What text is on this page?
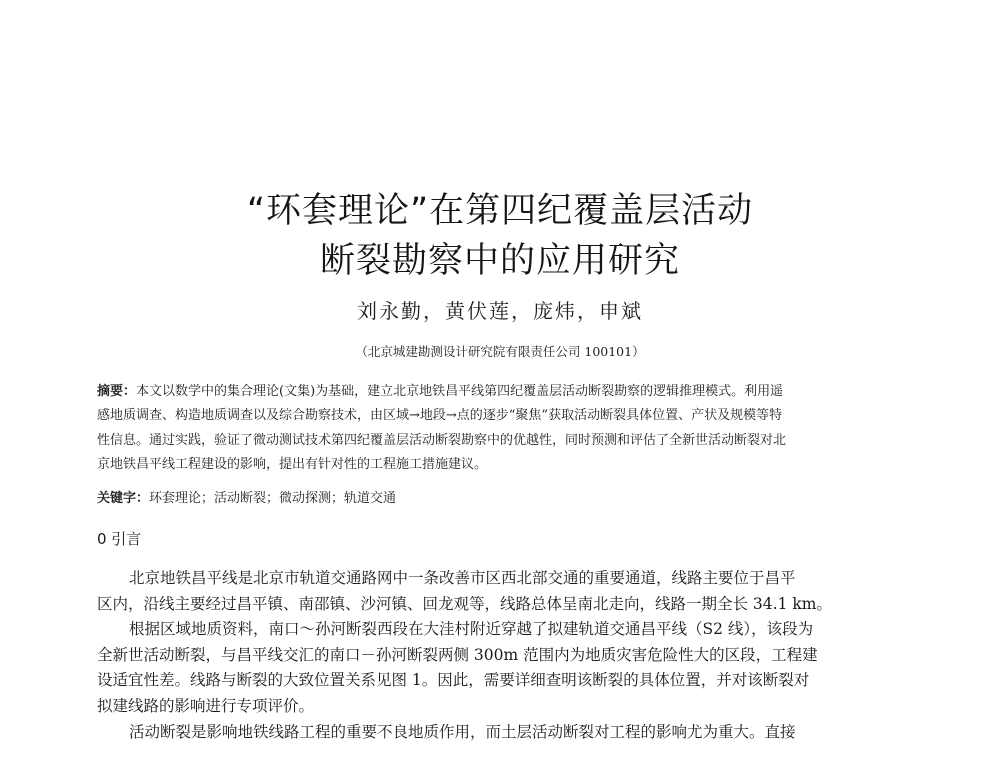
“环套理论”在第四纪覆盖层活动
断裂勘察中的应用研究
刘永勤，黄伏莲，庞炜，申斌
（北京城建勘测设计研究院有限责任公司 100101）
摘要：本文以数学中的集合理论(文集)为基础，建立北京地铁昌平线第四纪覆盖层活动断裂勘察的逻辑推理模式。利用遥
感地质调查、构造地质调查以及综合勘察技术，由区域→地段→点的逐步“聚焦”获取活动断裂具体位置、产状及规模等特
性信息。通过实践，验证了微动测试技术第四纪覆盖层活动断裂勘察中的优越性，同时预测和评估了全新世活动断裂对北
京地铁昌平线工程建设的影响，提出有针对性的工程施工措施建议。
关键字：环套理论；活动断裂；微动探测；轨道交通
0 引言
北京地铁昌平线是北京市轨道交通路网中一条改善市区西北部交通的重要通道，线路主要位于昌平
区内，沿线主要经过昌平镇、南邵镇、沙河镇、回龙观等，线路总体呈南北走向，线路一期全长 34.1 km。
根据区域地质资料，南口～孙河断裂西段在大洼村附近穿越了拟建轨道交通昌平线（S2 线），该段为
全新世活动断裂，与昌平线交汇的南口－孙河断裂两侧 300m 范围内为地质灾害危险性大的区段，工程建
设适宜性差。线路与断裂的大致位置关系见图 1。因此，需要详细查明该断裂的具体位置，并对该断裂对
拟建线路的影响进行专项评价。
活动断裂是影响地铁线路工程的重要不良地质作用，而土层活动断裂对工程的影响尤为重大。直接
